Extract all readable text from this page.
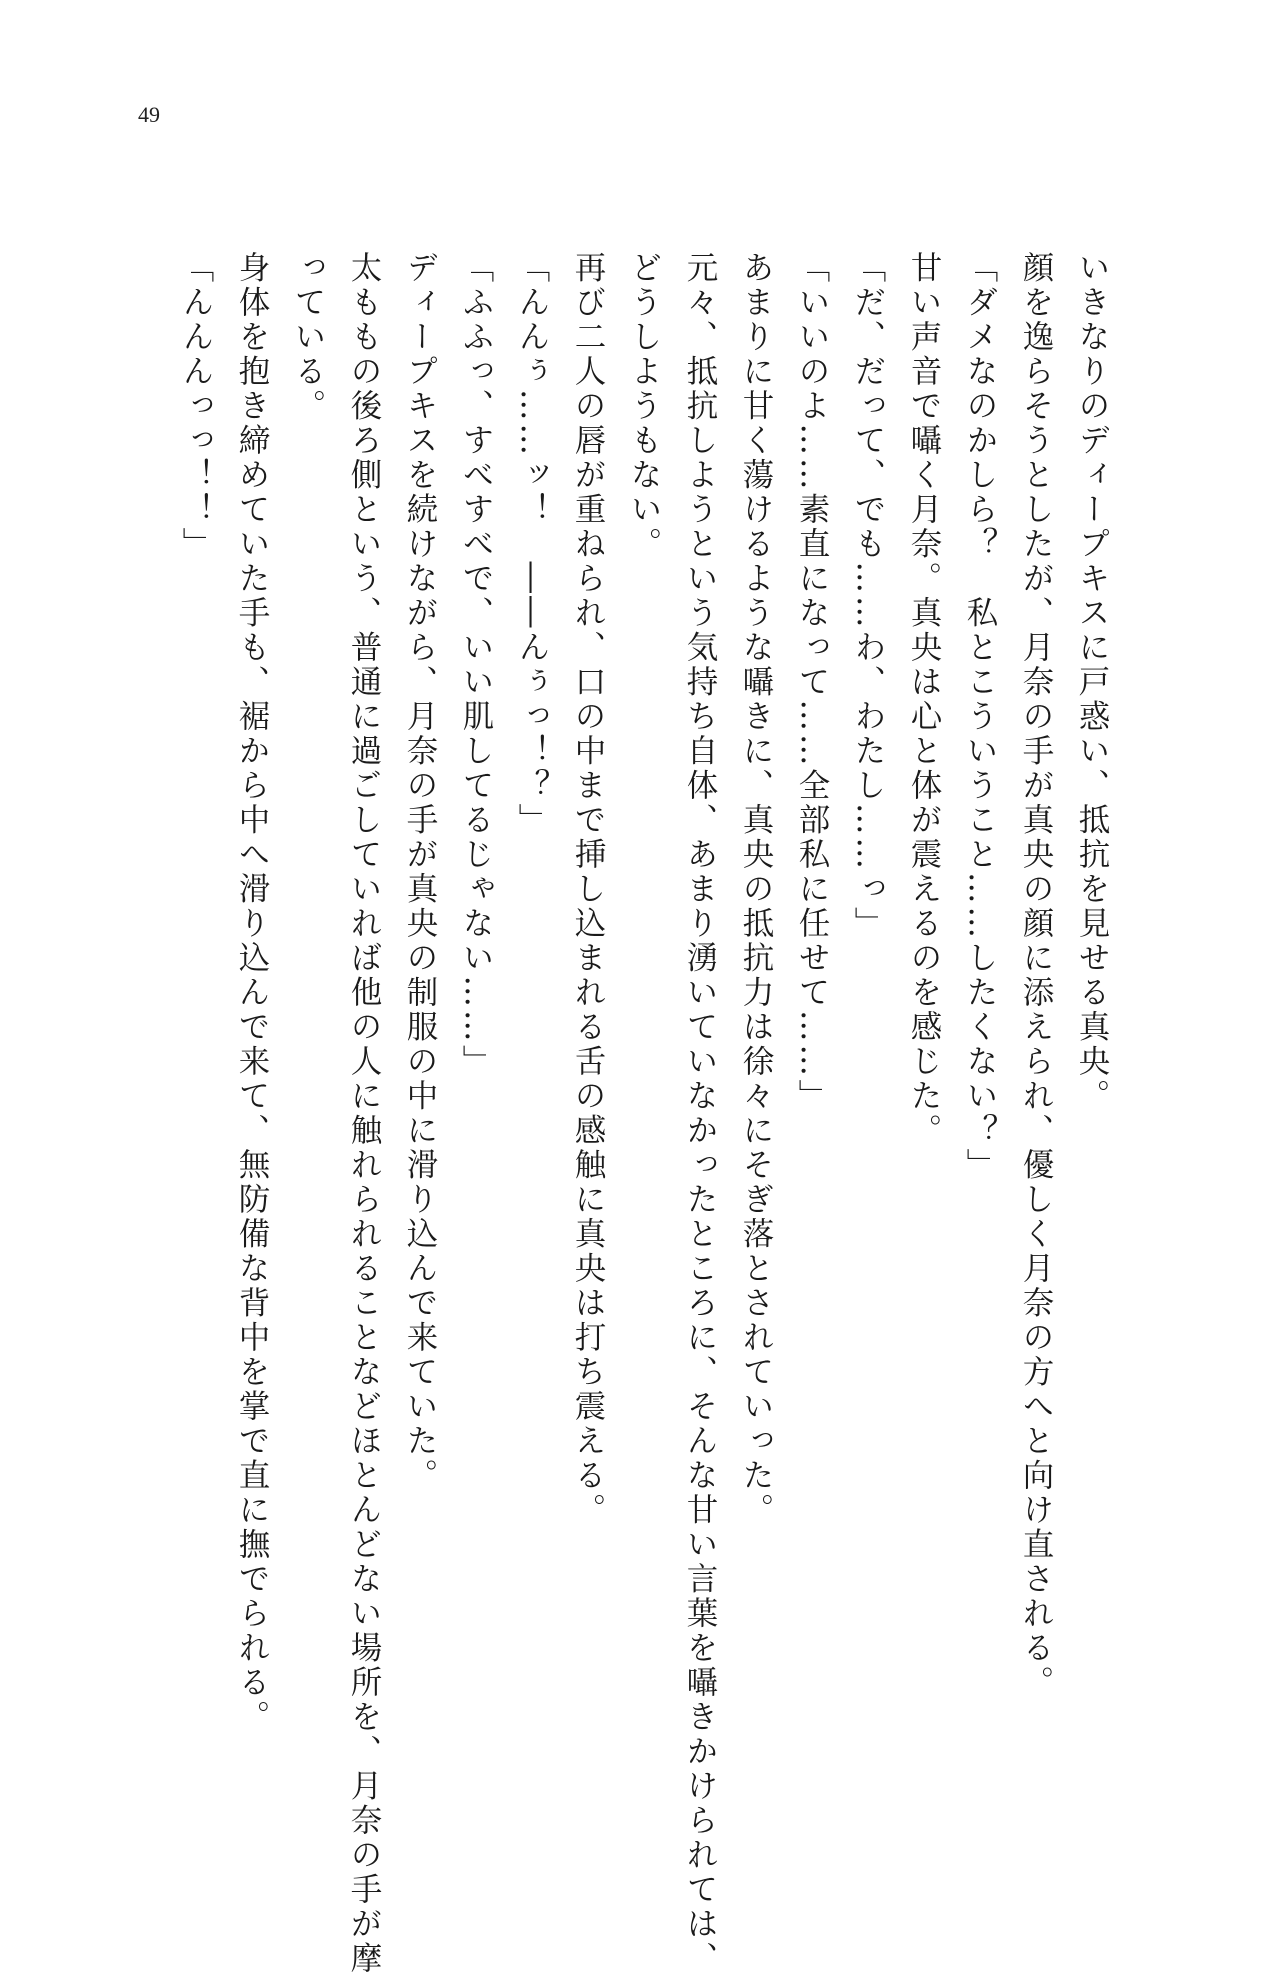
49

いきなりのディープキスに戸惑い、抵抗を見せる真央。

顔を逸らそうとしたが、月奈の手が真央の顔に添えられ、優しく月奈の方へと向け直される。

「ダメなのかしら？　私とこういうこと……したくない？」

甘い声音で囁く月奈。真央は心と体が震えるのを感じた。

「だ、だって、でも……わ、わたし……っ」

「いいのよ……素直になって……全部私に任せて……」

あまりに甘く蕩けるような囁きに、真央の抵抗力は徐々にそぎ落とされていった。

元々、抵抗しようという気持ち自体、あまり湧いていなかったところに、そんな甘い言葉を囁きかけられては、

どうしようもない。

再び二人の唇が重ねられ、口の中まで挿し込まれる舌の感触に真央は打ち震える。

「んんぅ……ッ！　――んぅっ！？」

「ふふっ、すべすべで、いい肌してるじゃない……」

ディープキスを続けながら、月奈の手が真央の制服の中に滑り込んで来ていた。

太ももの後ろ側という、普通に過ごしていれば他の人に触れられることなどほとんどない場所を、月奈の手が摩

っている。

身体を抱き締めていた手も、裾から中へ滑り込んで来て、無防備な背中を掌で直に撫でられる。

「んんんっっ！！」
